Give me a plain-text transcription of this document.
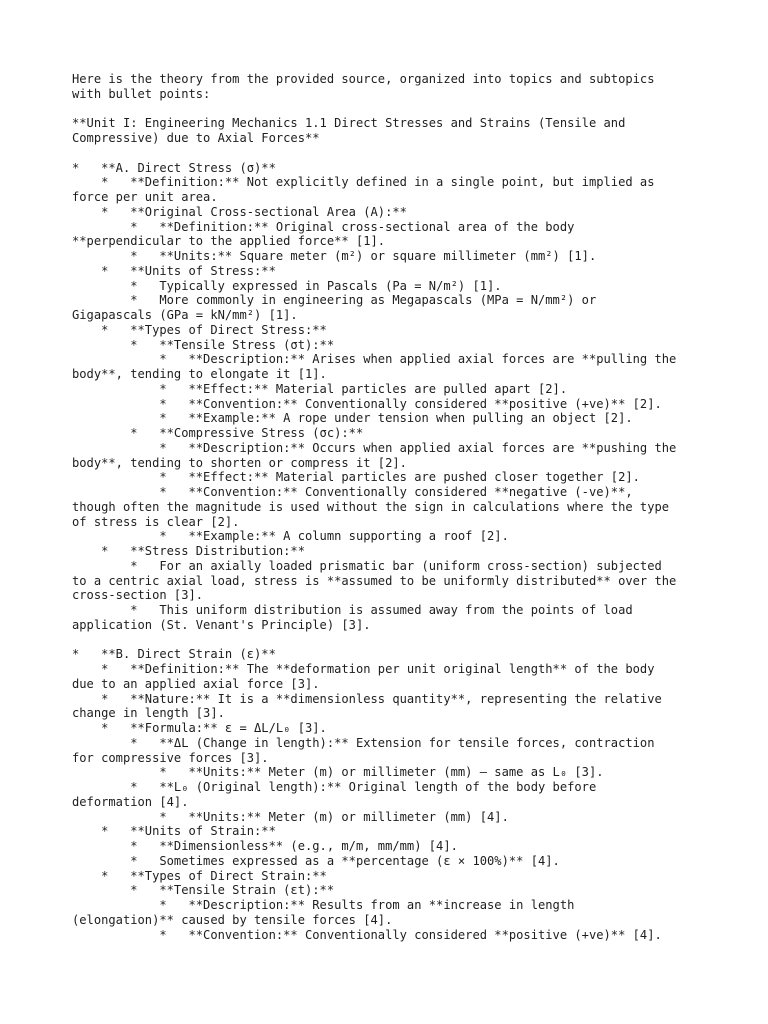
Here is the theory from the provided source, organized into topics and subtopics
with bullet points:

**Unit I: Engineering Mechanics 1.1 Direct Stresses and Strains (Tensile and
Compressive) due to Axial Forces**

*   **A. Direct Stress (σ)**
*   **Definition:** Not explicitly defined in a single point, but implied as
force per unit area.
*   **Original Cross-sectional Area (A):**
*   **Definition:** Original cross-sectional area of the body
**perpendicular to the applied force** [1].
*   **Units:** Square meter (m²) or square millimeter (mm²) [1].
*   **Units of Stress:**
*   Typically expressed in Pascals (Pa = N/m²) [1].
*   More commonly in engineering as Megapascals (MPa = N/mm²) or
Gigapascals (GPa = kN/mm²) [1].
*   **Types of Direct Stress:**
*   **Tensile Stress (σt):**
*   **Description:** Arises when applied axial forces are **pulling the
body**, tending to elongate it [1].
*   **Effect:** Material particles are pulled apart [2].
*   **Convention:** Conventionally considered **positive (+ve)** [2].
*   **Example:** A rope under tension when pulling an object [2].
*   **Compressive Stress (σc):**
*   **Description:** Occurs when applied axial forces are **pushing the
body**, tending to shorten or compress it [2].
*   **Effect:** Material particles are pushed closer together [2].
*   **Convention:** Conventionally considered **negative (-ve)**,
though often the magnitude is used without the sign in calculations where the type
of stress is clear [2].
*   **Example:** A column supporting a roof [2].
*   **Stress Distribution:**
*   For an axially loaded prismatic bar (uniform cross-section) subjected
to a centric axial load, stress is **assumed to be uniformly distributed** over the
cross-section [3].
*   This uniform distribution is assumed away from the points of load
application (St. Venant's Principle) [3].

*   **B. Direct Strain (ε)**
*   **Definition:** The **deformation per unit original length** of the body
due to an applied axial force [3].
*   **Nature:** It is a **dimensionless quantity**, representing the relative
change in length [3].
*   **Formula:** ε = ΔL/L₀ [3].
*   **ΔL (Change in length):** Extension for tensile forces, contraction
for compressive forces [3].
*   **Units:** Meter (m) or millimeter (mm) – same as L₀ [3].
*   **L₀ (Original length):** Original length of the body before
deformation [4].
*   **Units:** Meter (m) or millimeter (mm) [4].
*   **Units of Strain:**
*   **Dimensionless** (e.g., m/m, mm/mm) [4].
*   Sometimes expressed as a **percentage (ε × 100%)** [4].
*   **Types of Direct Strain:**
*   **Tensile Strain (εt):**
*   **Description:** Results from an **increase in length
(elongation)** caused by tensile forces [4].
*   **Convention:** Conventionally considered **positive (+ve)** [4].
